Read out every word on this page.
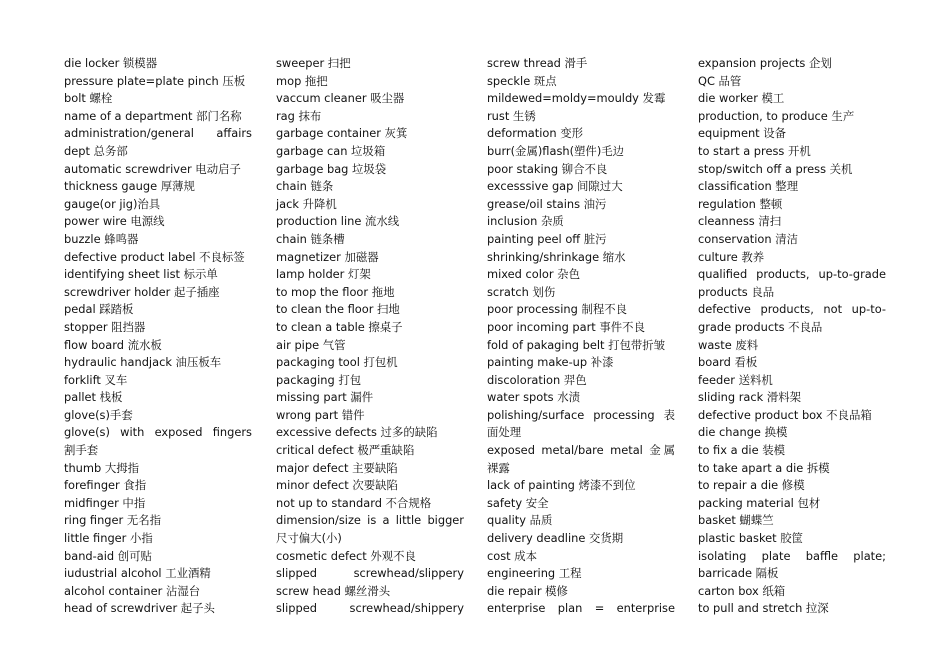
die locker 锁模器
pressure plate=plate pinch 压板
bolt 螺栓
name of a department 部门名称
administration/general affairs
dept 总务部
automatic screwdriver 电动启子
thickness gauge 厚薄规
gauge(or jig)治具
power wire 电源线
buzzle 蜂鸣器
defective product label 不良标签
identifying sheet list 标示单
screwdriver holder 起子插座
pedal 踩踏板
stopper 阻挡器
flow board 流水板
hydraulic handjack 油压板车
forklift 叉车
pallet 栈板
glove(s)手套
glove(s) with exposed fingers
割手套
thumb 大拇指
forefinger 食指
midfinger 中指
ring finger 无名指
little finger 小指
band-aid 创可贴
iudustrial alcohol 工业酒精
alcohol container 沾湿台
head of screwdriver 起子头
sweeper 扫把
mop 拖把
vaccum cleaner 吸尘器
rag 抹布
garbage container 灰箕
garbage can 垃圾箱
garbage bag 垃圾袋
chain 链条
jack 升降机
production line 流水线
chain 链条槽
magnetizer 加磁器
lamp holder 灯架
to mop the floor 拖地
to clean the floor 扫地
to clean a table 擦桌子
air pipe 气管
packaging tool 打包机
packaging 打包
missing part 漏件
wrong part 错件
excessive defects 过多的缺陷
critical defect 极严重缺陷
major defect 主要缺陷
minor defect 次要缺陷
not up to standard 不合规格
dimension/size is a little bigger
尺寸偏大(小)
cosmetic defect 外观不良
slipped screwhead/slippery
screw head 螺丝滑头
slipped screwhead/shippery
screw thread 滑手
speckle 斑点
mildewed=moldy=mouldy 发霉
rust 生锈
deformation 变形
burr(金属)flash(塑件)毛边
poor staking 铆合不良
excesssive gap 间隙过大
grease/oil stains 油污
inclusion 杂质
painting peel off 脏污
shrinking/shrinkage 缩水
mixed color 杂色
scratch 划伤
poor processing 制程不良
poor incoming part 事件不良
fold of pakaging belt 打包带折皱
painting make-up 补漆
discoloration 羿色
water spots 水渍
polishing/surface processing 表
面处理
exposed metal/bare metal 金属
裸露
lack of painting 烤漆不到位
safety 安全
quality 品质
delivery deadline 交货期
cost 成本
engineering 工程
die repair 模修
enterprise plan = enterprise
expansion projects 企划
QC 品管
die worker 模工
production, to produce 生产
equipment 设备
to start a press 开机
stop/switch off a press 关机
classification 整理
regulation 整顿
cleanness 清扫
conservation 清洁
culture 教养
qualified products, up-to-grade
products 良品
defective products, not up-to-
grade products 不良品
waste 废料
board 看板
feeder 送料机
sliding rack 滑料架
defective product box 不良品箱
die change 换模
to fix a die 装模
to take apart a die 拆模
to repair a die 修模
packing material 包材
basket 蝴蝶竺
plastic basket 胶筐
isolating plate baffle plate;
barricade 隔板
carton box 纸箱
to pull and stretch 拉深
